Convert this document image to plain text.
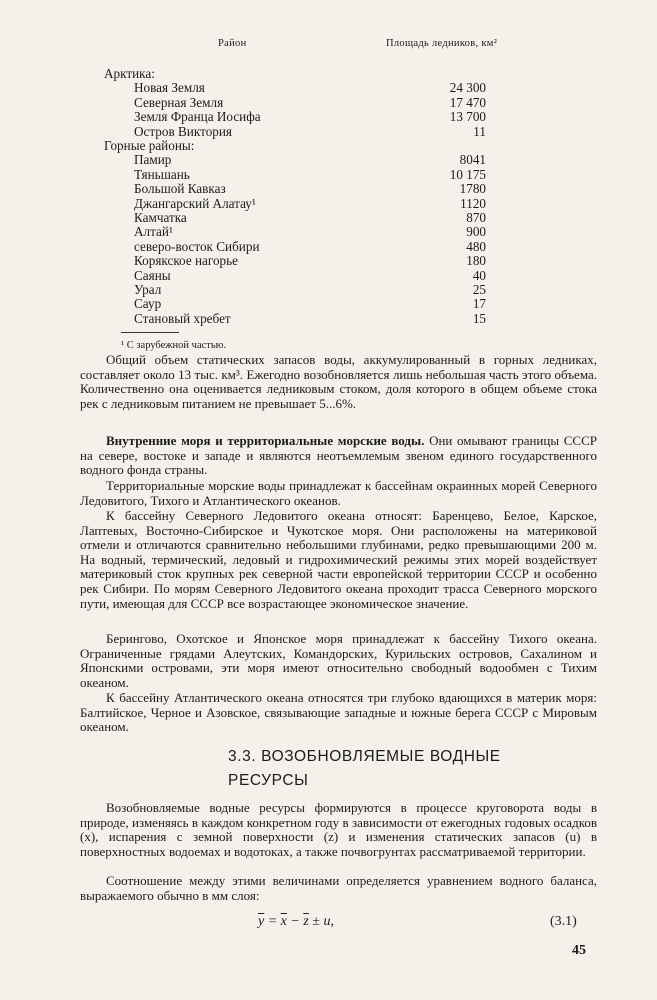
Район	Площадь ледников, км²
Арктика:
Новая Земля	24 300
Северная Земля	17 470
Земля Франца Иосифа	13 700
Остров Виктория	11
Горные районы:
Памир	8041
Тяньшань	10 175
Большой Кавказ	1780
Джангарский Алатау¹	1120
Камчатка	870
Алтай¹	900
северо-восток Сибири	480
Корякское нагорье	180
Саяны	40
Урал	25
Саур	17
Становый хребет	15
¹ С зарубежной частью.

Общий объем статических запасов воды, аккумулированный в горных ледниках, составляет около 13 тыс. км³. Ежегодно возобновляется лишь небольшая часть этого объема. Количественно она оценивается ледниковым стоком, доля которого в общем объеме стока рек с ледниковым питанием не превышает 5...6%.

Внутренние моря и территориальные морские воды. Они омывают границы СССР на севере, востоке и западе и являются неотъемлемым звеном единого государственного водного фонда страны.

Территориальные морские воды принадлежат к бассейнам окраинных морей Северного Ледовитого, Тихого и Атлантического океанов.

К бассейну Северного Ледовитого океана относят: Баренцево, Белое, Карское, Лаптевых, Восточно-Сибирское и Чукотское моря. Они расположены на материковой отмели и отличаются сравнительно небольшими глубинами, редко превышающими 200 м. На водный, термический, ледовый и гидрохимический режимы этих морей воздействует материковый сток крупных рек северной части европейской территории СССР и особенно рек Сибири. По морям Северного Ледовитого океана проходит трасса Северного морского пути, имеющая для СССР все возрастающее экономическое значение.

Берингово, Охотское и Японское моря принадлежат к бассейну Тихого океана. Ограниченные грядами Алеутских, Командорских, Курильских островов, Сахалином и Японскими островами, эти моря имеют относительно свободный водообмен с Тихим океаном.

К бассейну Атлантического океана относятся три глубоко вдающихся в материк моря: Балтийское, Черное и Азовское, связывающие западные и южные берега СССР с Мировым океаном.

3.3. ВОЗОБНОВЛЯЕМЫЕ ВОДНЫЕ
РЕСУРСЫ

Возобновляемые водные ресурсы формируются в процессе круговорота воды в природе, изменяясь в каждом конкретном году в зависимости от ежегодных годовых осадков (x), испарения с земной поверхности (z) и изменения статических запасов (u) в поверхностных водоемах и водотоках, а также почвогрунтах рассматриваемой территории.

Соотношение между этими величинами определяется уравнением водного баланса, выражаемого обычно в мм слоя:

$\overline{y} = \overline{x} - \overline{z} \pm u$,	(3.1)
45
